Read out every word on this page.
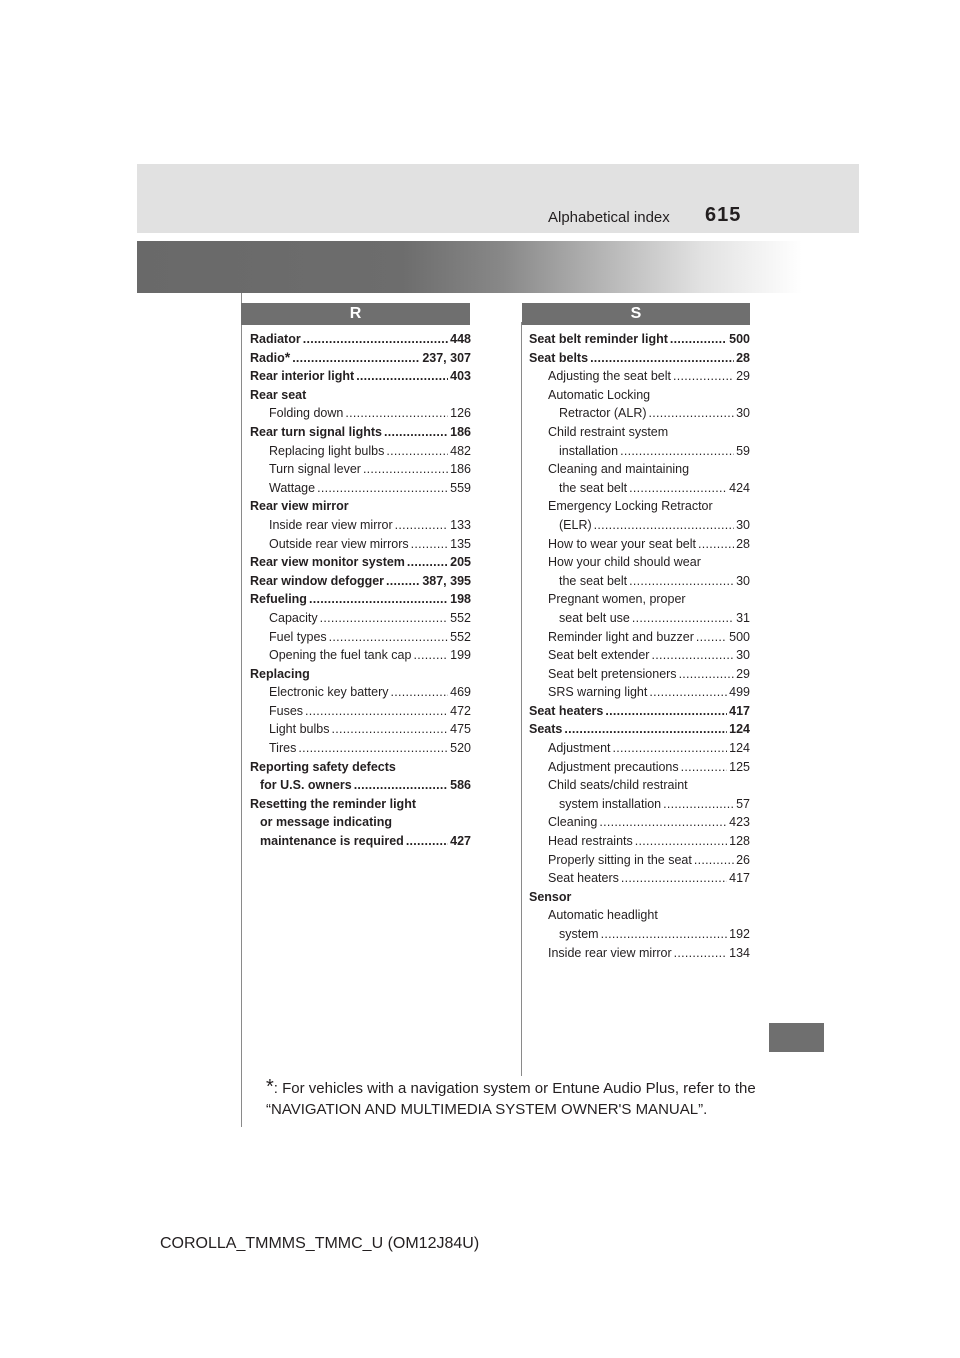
Alphabetical index 615
R	S
Radiator . . .	448
Radio * . . .	237, 307
Rear interior light . . .	403
Rear seat
Folding down . . .	126
Rear turn signal lights . . .	186
Replacing light bulbs . . .	482
Turn signal lever . . .	186
Wattage . . .	559
Rear view mirror
Inside rear view mirror . . .	133
Outside rear view mirrors . . .	135
Rear view monitor system . . .	205
Rear window defogger . . .	387, 395
Refueling . . .	198
Capacity . . .	552
Fuel types . . .	552
Opening the fuel tank cap . . .	199
Replacing
Electronic key battery . . .	469
Fuses . . .	472
Light bulbs . . .	475
Tires . . .	520
Reporting safety defects
for U.S. owners . . .	586
Resetting the reminder light
or message indicating
maintenance is required . . .	427
Seat belt reminder light . . .	500
Seat belts . . .	28
Adjusting the seat belt . . .	29
Automatic Locking
Retractor (ALR) . . .	30
Child restraint system
installation . . .	59
Cleaning and maintaining
the seat belt . . .	424
Emergency Locking Retractor
(ELR) . . .	30
How to wear your seat belt . . .	28
How your child should wear
the seat belt . . .	30
Pregnant women, proper
seat belt use . . .	31
Reminder light and buzzer . . .	500
Seat belt extender . . .	30
Seat belt pretensioners . . .	29
SRS warning light . . .	499
Seat heaters . . .	417
Seats . . .	124
Adjustment . . .	124
Adjustment precautions . . .	125
Child seats/child restraint
system installation . . .	57
Cleaning . . .	423
Head restraints . . .	128
Properly sitting in the seat . . .	26
Seat heaters . . .	417
Sensor
Automatic headlight
system . . .	192
Inside rear view mirror . . .	134
*: For vehicles with a navigation system or Entune Audio Plus, refer to the “NAVIGATION AND MULTIMEDIA SYSTEM OWNER'S MANUAL”.
COROLLA_TMMMS_TMMC_U (OM12J84U)
